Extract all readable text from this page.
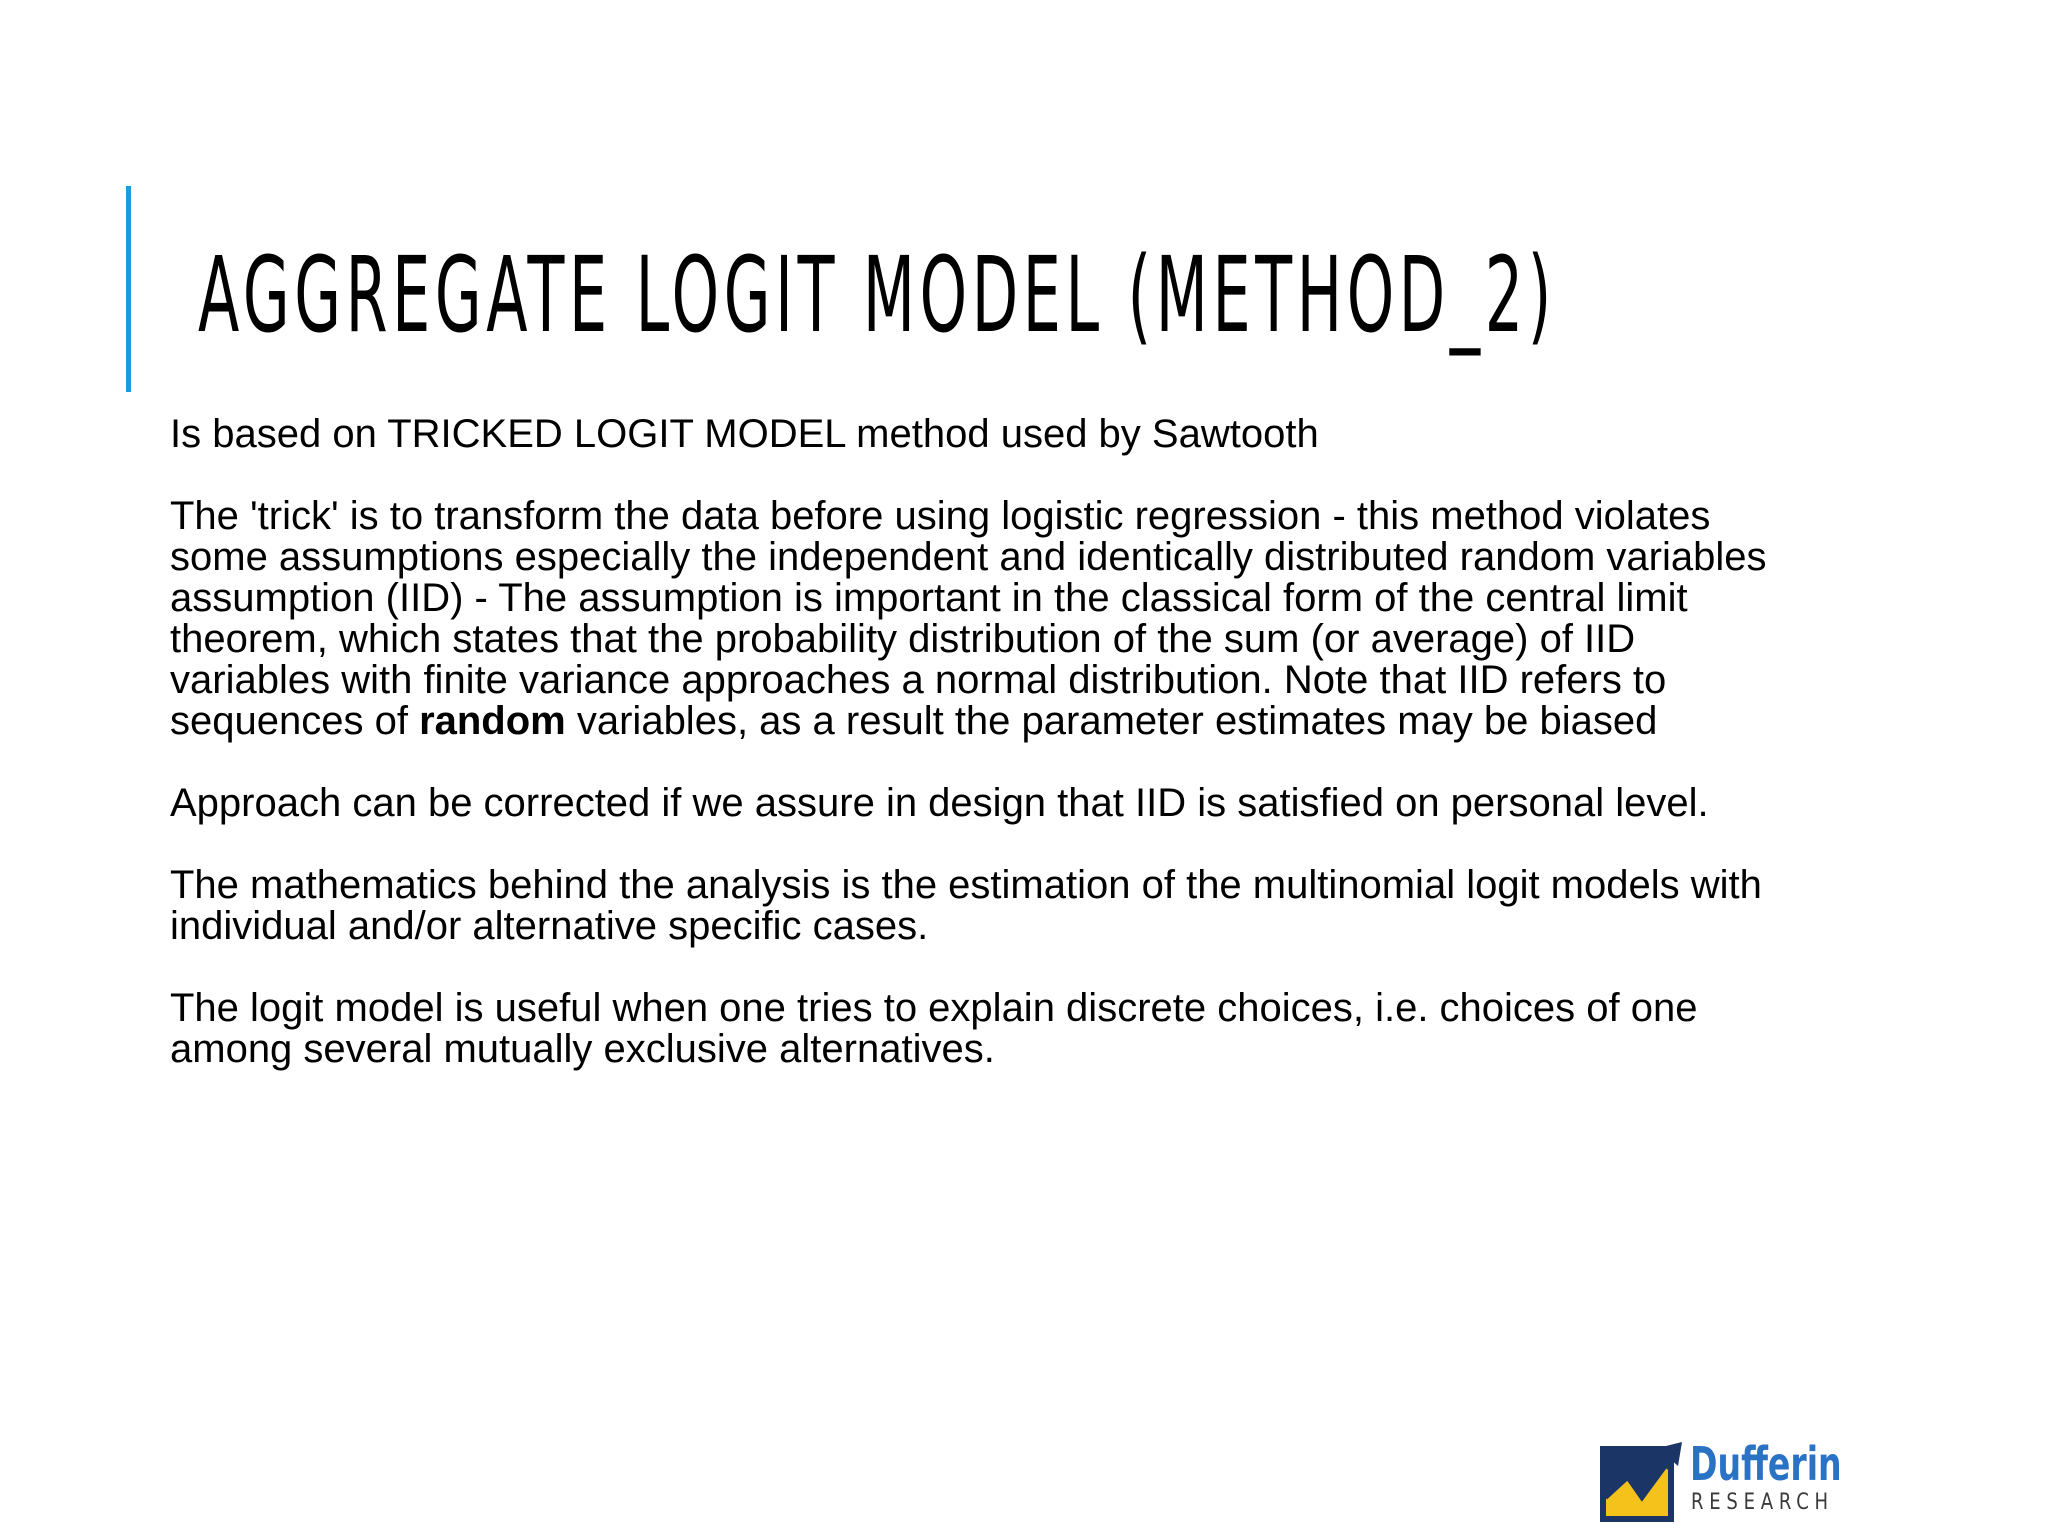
AGGREGATE LOGIT MODEL (METHOD_2)

Is based on TRICKED LOGIT MODEL method used by Sawtooth

The 'trick' is to transform the data before using logistic regression - this method violates some assumptions especially the independent and identically distributed random variables assumption (IID) - The assumption is important in the classical form of the central limit theorem, which states that the probability distribution of the sum (or average) of IID variables with finite variance approaches a normal distribution. Note that IID refers to sequences of random variables, as a result the parameter estimates may be biased

Approach can be corrected if we assure in design that IID is satisfied on personal level.

The mathematics behind the analysis is the estimation of the multinomial logit models with individual and/or alternative specific cases.

The logit model is useful when one tries to explain discrete choices, i.e. choices of one among several mutually exclusive alternatives.

Dufferin
RESEARCH
